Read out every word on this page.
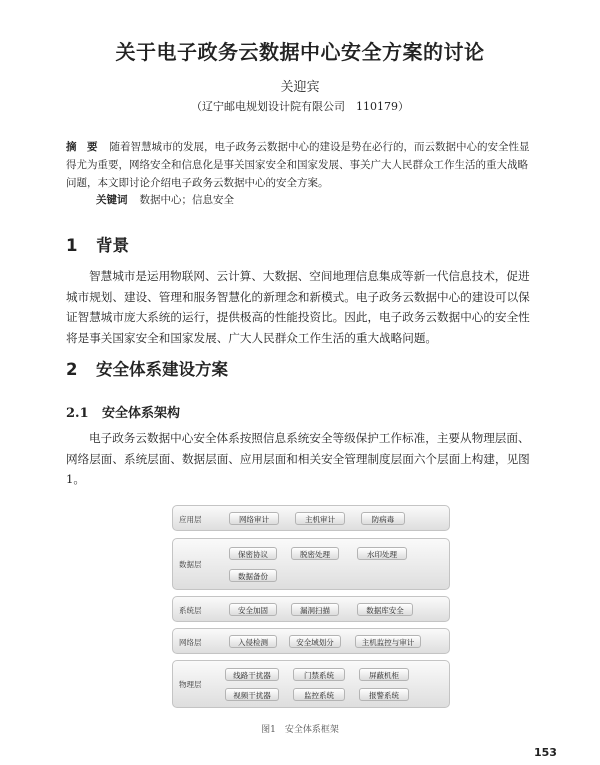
关于电子政务云数据中心安全方案的讨论
关迎宾
（辽宁邮电规划设计院有限公司　110179）
摘　要 随着智慧城市的发展，电子政务云数据中心的建设是势在必行的，而云数据中心的安全性显得尤为重要，网络安全和信息化是事关国家安全和国家发展、事关广大人民群众工作生活的重大战略问题，本文即讨论介绍电子政务云数据中心的安全方案。
关键词 数据中心；信息安全
1 背景
智慧城市是运用物联网、云计算、大数据、空间地理信息集成等新一代信息技术，促进城市规划、建设、管理和服务智慧化的新理念和新模式。电子政务云数据中心的建设可以保证智慧城市庞大系统的运行，提供极高的性能投资比。因此，电子政务云数据中心的安全性将是事关国家安全和国家发展、广大人民群众工作生活的重大战略问题。
2 安全体系建设方案
2.1 安全体系架构
电子政务云数据中心安全体系按照信息系统安全等级保护工作标准，主要从物理层面、网络层面、系统层面、数据层面、应用层面和相关安全管理制度层面六个层面上构建，见图1。
应用层	网络审计	主机审计	防病毒
数据层
保密协议	脱密处理	水印处理
数据备份
系统层	安全加固	漏洞扫描	数据库安全
网络层	入侵检测	安全域划分	主机监控与审计
物理层
线路干扰器	门禁系统	屏蔽机柜
视频干扰器	监控系统	报警系统
图1　安全体系框架
153
